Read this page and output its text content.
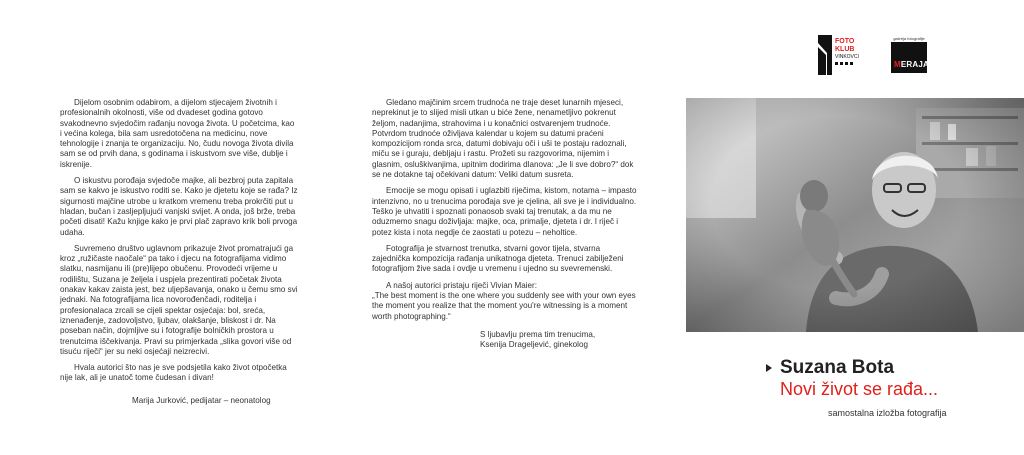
Dijelom osobnim odabirom, a dijelom stjecajem životnih i profesionalnih okolnosti, više od dvadeset godina gotovo svakodnevno svjedočim rađanju novoga života. U početcima, kao i većina kolega, bila sam usredotočena na medicinu, nove tehnologije i znanja te organizaciju. No, čudu novoga života divila sam se od prvih dana, s godinama i iskustvom sve više, dublje i iskrenije.

O iskustvu porođaja svjedoče majke, ali bezbroj puta zapitala sam se kakvo je iskustvo roditi se. Kako je djetetu koje se rađa? Iz sigurnosti majčine utrobe u kratkom vremenu treba prokrčiti put u hladan, bučan i zasljepljujući vanjski svijet. A onda, još brže, treba početi disati! Kažu knjige kako je prvi plač zapravo krik boli prvoga udaha.

Suvremeno društvo uglavnom prikazuje život promatrajući ga kroz „ružičaste naočale“ pa tako i djecu na fotografijama vidimo slatku, nasmijanu ili (pre)lijepo obučenu. Provodeći vrijeme u rodilištu, Suzana je željela i uspjela prezentirati početak života onakav kakav zaista jest, bez uljepšavanja, onako u čemu smo svi jednaki. Na fotografijama lica novorođenčadi, roditelja i profesionalaca zrcali se cijeli spektar osjećaja: bol, sreća, iznenađenje, zadovoljstvo, ljubav, olakšanje, bliskost i dr. Na poseban način, dojmljive su i fotografije bolničkih prostora u trenutcima iščekivanja. Pravi su primjerkada „slika govori više od tisuću riječi“ jer su neki osjećaji neizrecivi.

Hvala autorici što nas je sve podsjetila kako život otpočetka nije lak, ali je unatoč tome čudesan i divan!

Marija Jurković, pedijatar – neonatolog

Gledano majčinim srcem trudnoća ne traje deset lunarnih mjeseci, neprekinut je to slijed misli utkan u biće žene, nenametljivo pokrenut željom, nadanjima, strahovima i u konačnici ostvarenjem trudnoće. Potvrdom trudnoće oživljava kalendar u kojem su datumi praćeni kompozicijom ronda srca, datumi dobivaju oči i uši te postaju radoznali, miču se i guraju, debljaju i rastu. Prožeti su razgovorima, nijemim i glasnim, osluškivanjima, upitnim dodirima dlanova: „Je li sve dobro?“ dok se ne dotakne taj očekivani datum: Veliki datum susreta.

Emocije se mogu opisati i uglazbiti riječima, kistom, notama – impasto intenzivno, no u trenucima porođaja sve je cjelina, ali sve je i individualno. Teško je uhvatiti i spoznati ponaosob svaki taj trenutak, a da mu ne oduzmemo snagu doživljaja: majke, oca, primalje, djeteta i dr. I riječ i potez kista i nota negdje će zaostati u potezu – neholtice.

Fotografija je stvarnost trenutka, stvarni govor tijela, stvarna zajednička kompozicija rađanja unikatnoga djeteta. Trenuci zabilježeni fotografijom žive sada i ovdje u vremenu i ujedno su svevremenski.

A našoj autorici pristaju riječi Vivian Maier:

„The best moment is the one where you suddenly see with your own eyes the moment you realize that the moment you're witnessing is a moment worth photographing.“

S ljubavlju prema tim trenucima,
Ksenija Drageljević, ginekolog
FOTO
KLUB
VINKOVCI
galerija fotografije
MERAJA
Suzana Bota
Novi život se rađa...
samostalna izložba fotografija
